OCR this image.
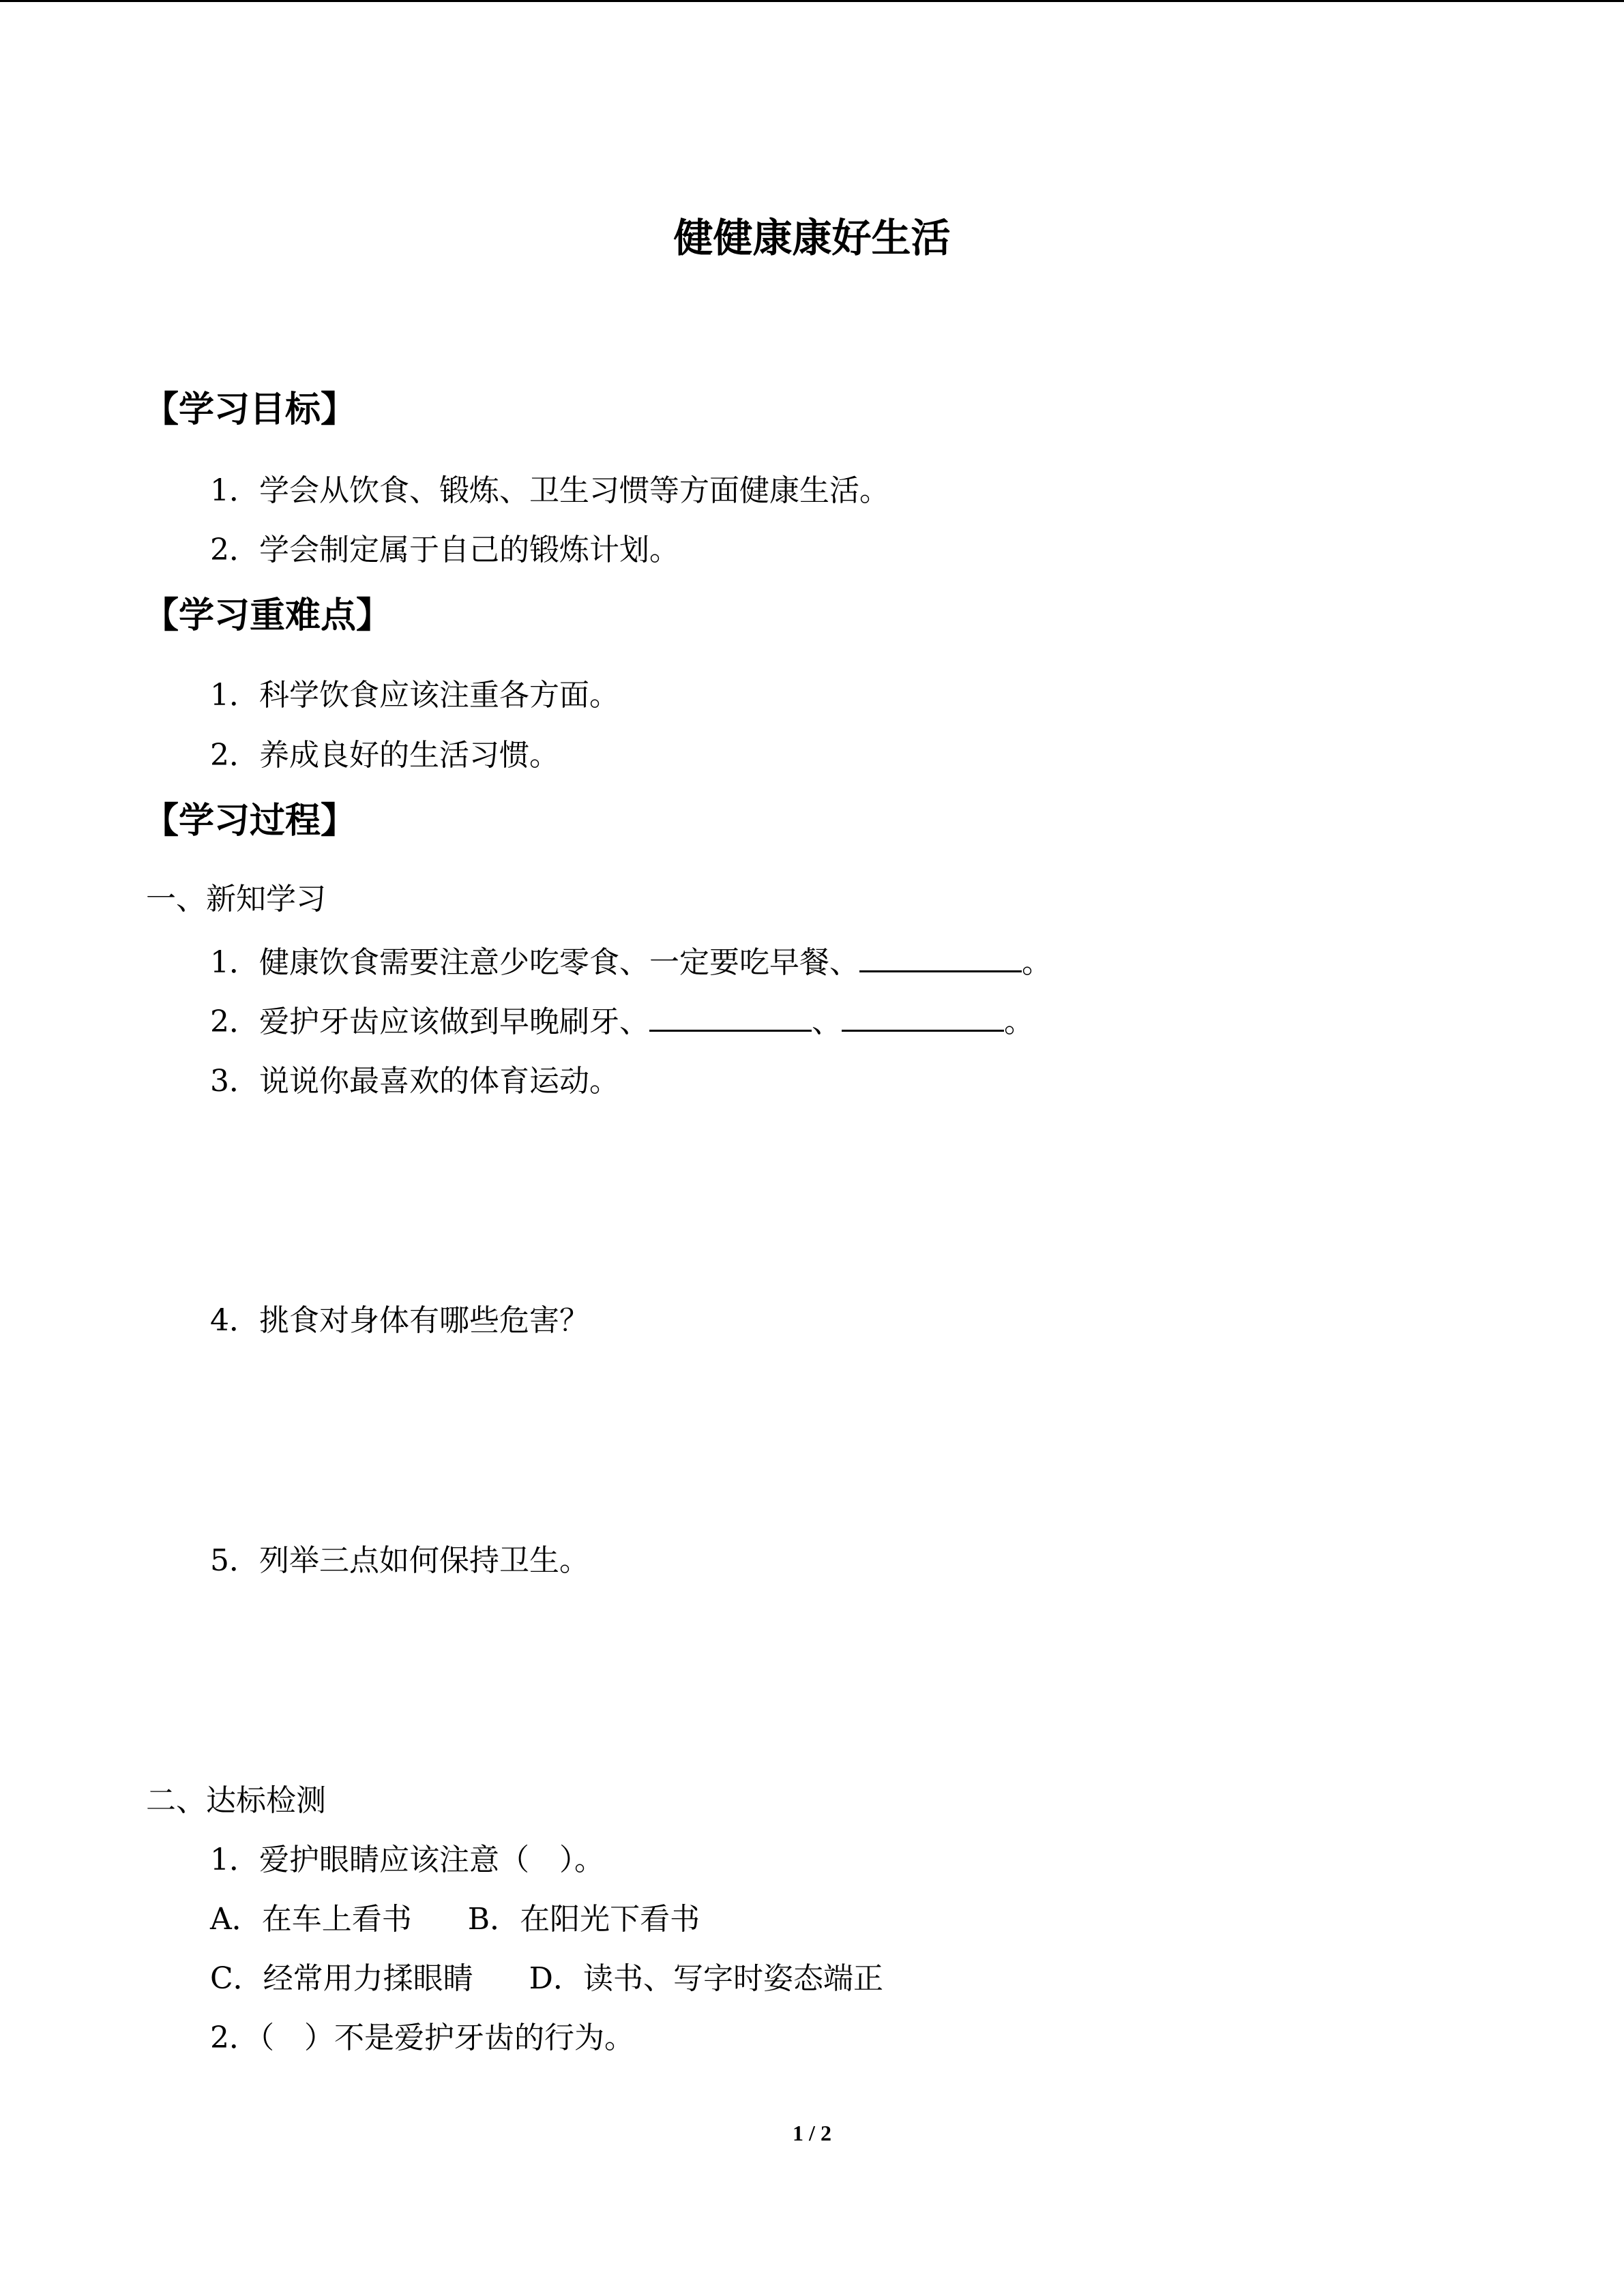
健健康康好生活
【学习目标】
1．学会从饮食、锻炼、卫生习惯等方面健康生活。
2．学会制定属于自己的锻炼计划。
【学习重难点】
1．科学饮食应该注重各方面。
2．养成良好的生活习惯。
【学习过程】
一、新知学习
1．健康饮食需要注意少吃零食、一定要吃早餐、	。
2．爱护牙齿应该做到早晚刷牙、	、	。
3．说说你最喜欢的体育运动。
4．挑食对身体有哪些危害？
5．列举三点如何保持卫生。
二、达标检测
1．爱护眼睛应该注意（　）。
A．在车上看书 B．在阳光下看书
C．经常用力揉眼睛 D．读书、写字时姿态端正
2．（　）不是爱护牙齿的行为。
1 / 2
